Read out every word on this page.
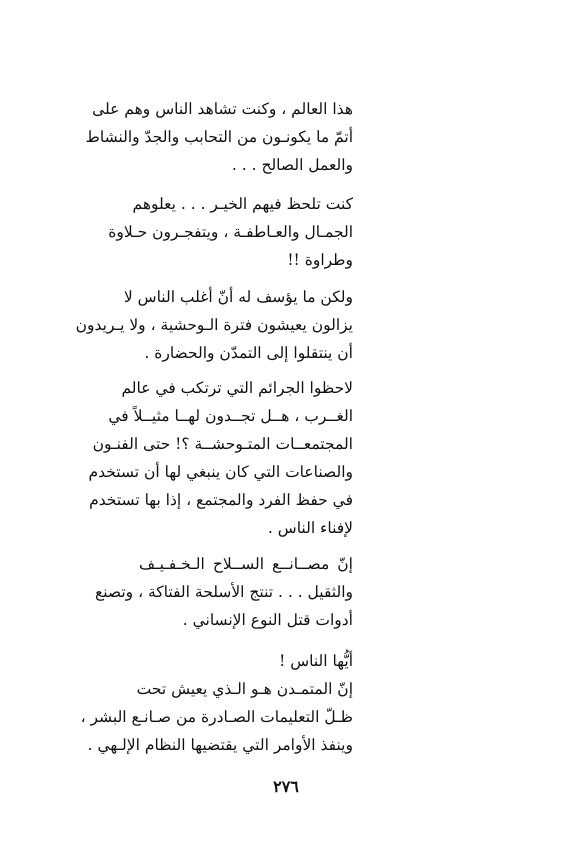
هذا العالم ، وكنت تشاهد الناس وهم على
أتمّ ما يكونـون من التحابب والجدّ والنشاط
والعمل الصالح . . .
كنت تلحظ فيهم الخيـر . . . يعلوهم
الجمـال والعـاطفـة ، ويتفجـرون حـلاوة
وطراوة !!
ولكن ما يؤسف له أنّ أغلب الناس لا
يزالون يعيشون فترة الـوحشية ، ولا يـريدون
أن ينتقلوا إلى التمدّن والحضارة .
لاحظوا الجرائم التي ترتكب في عالم
الغــرب ، هــل تجــدون لهــا مثيــلاً في
المجتمعــات المتـوحشــة ؟! حتى الفنـون
والصناعات التي كان ينبغي لها أن تستخدم
في حفظ الفرد والمجتمع ، إذا بها تستخدم
لإفناء الناس .
إنّ مصــانــع الســلاح الـخـفـيـف
والثقيل . . . تنتج الأسلحة الفتاكة ، وتصنع
أدوات قتل النوع الإنساني .
أيُّها الناس !
إنّ المتمـدن هـو الـذي يعيش تحت
ظـلّ التعليمات الصـادرة من صـانـع البشر ،
وينفذ الأوامر التي يقتضيها النظام الإلـهي .
٢٧٦
